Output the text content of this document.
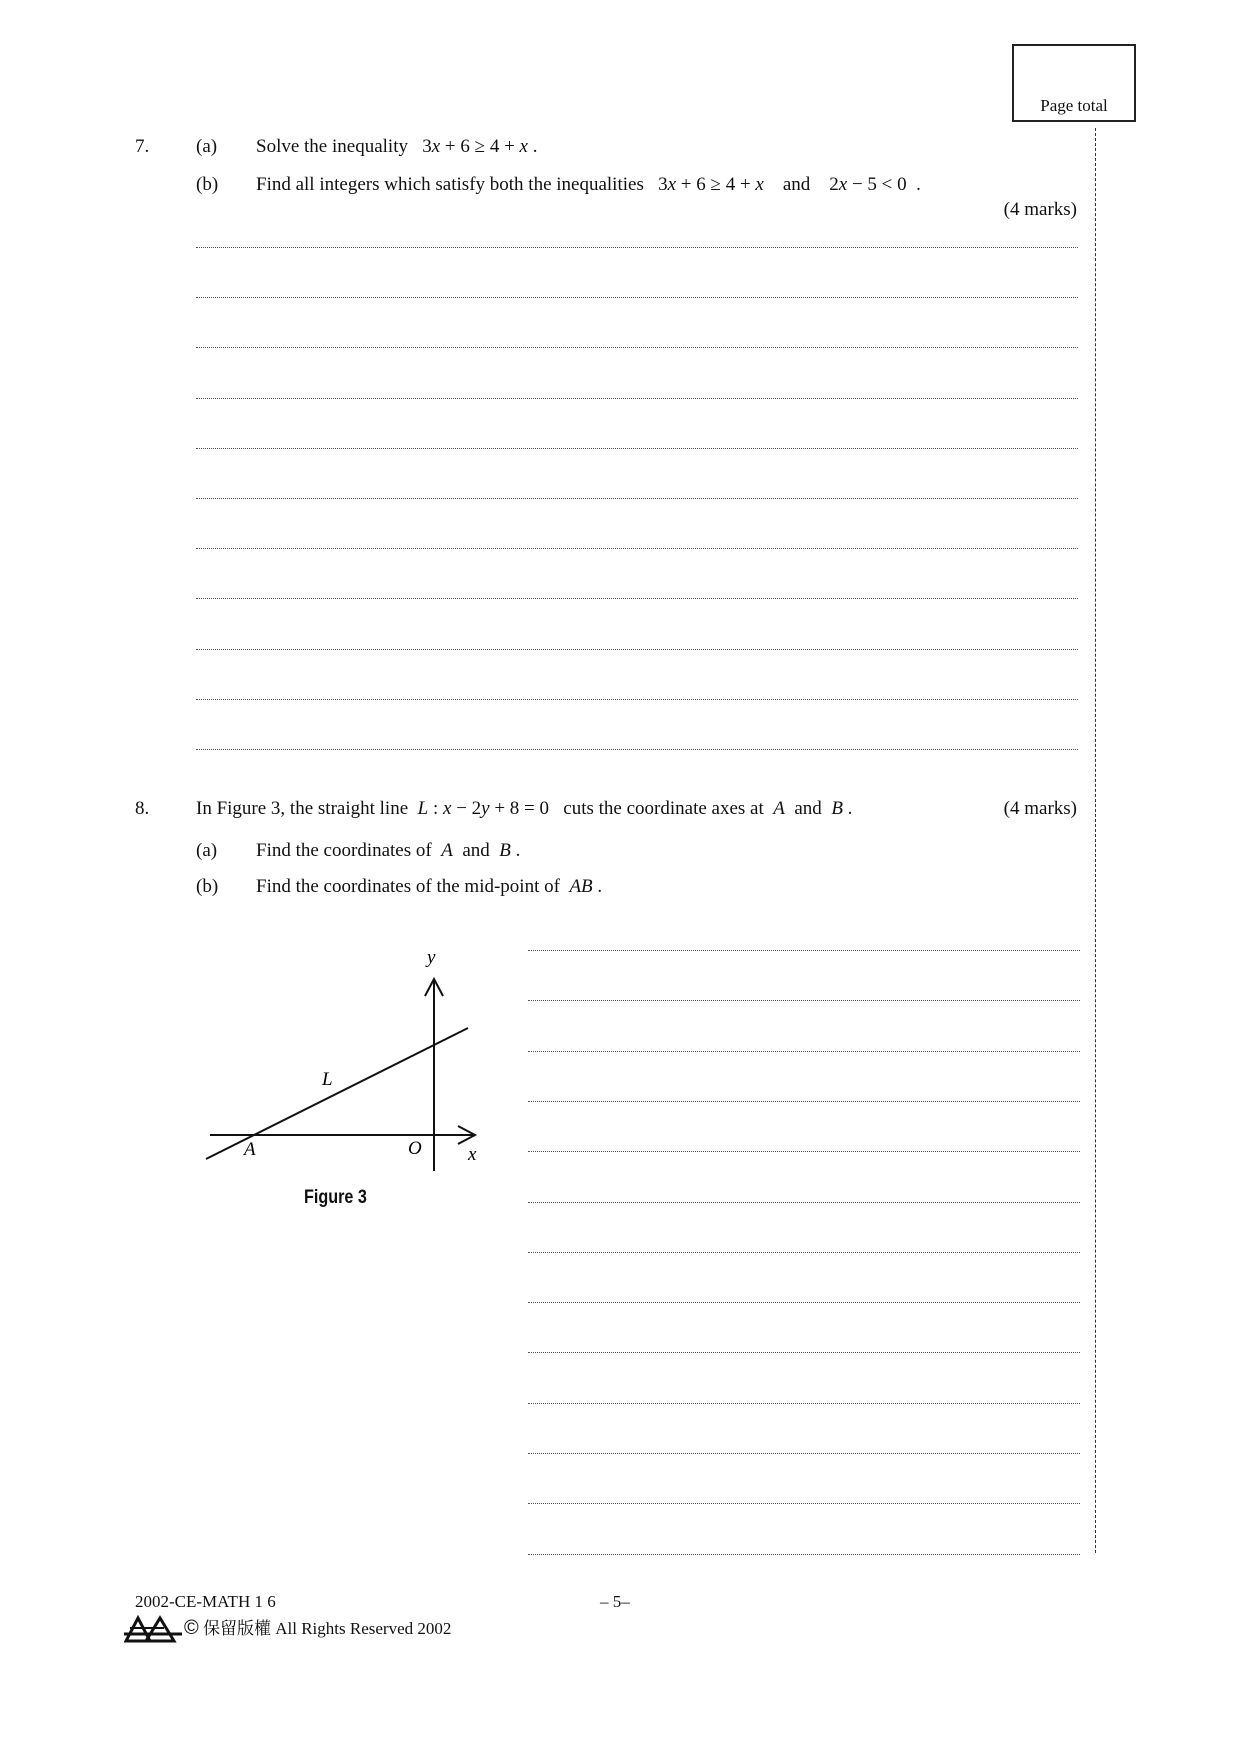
Page total
7. (a) Solve the inequality 3x + 6 ≥ 4 + x .
(b) Find all integers which satisfy both the inequalities 3x + 6 ≥ 4 + x and 2x − 5 < 0  .
(4 marks)
8. In Figure 3, the straight line L : x − 2y + 8 = 0 cuts the coordinate axes at A and B .	(4 marks)
(a) Find the coordinates of A and B .
(b) Find the coordinates of the mid-point of AB .
y
x
L
A	O
Figure 3
2002-CE-MATH 1 6	– 5–
HKEAA	© 保留版權 All Rights Reserved 2002
